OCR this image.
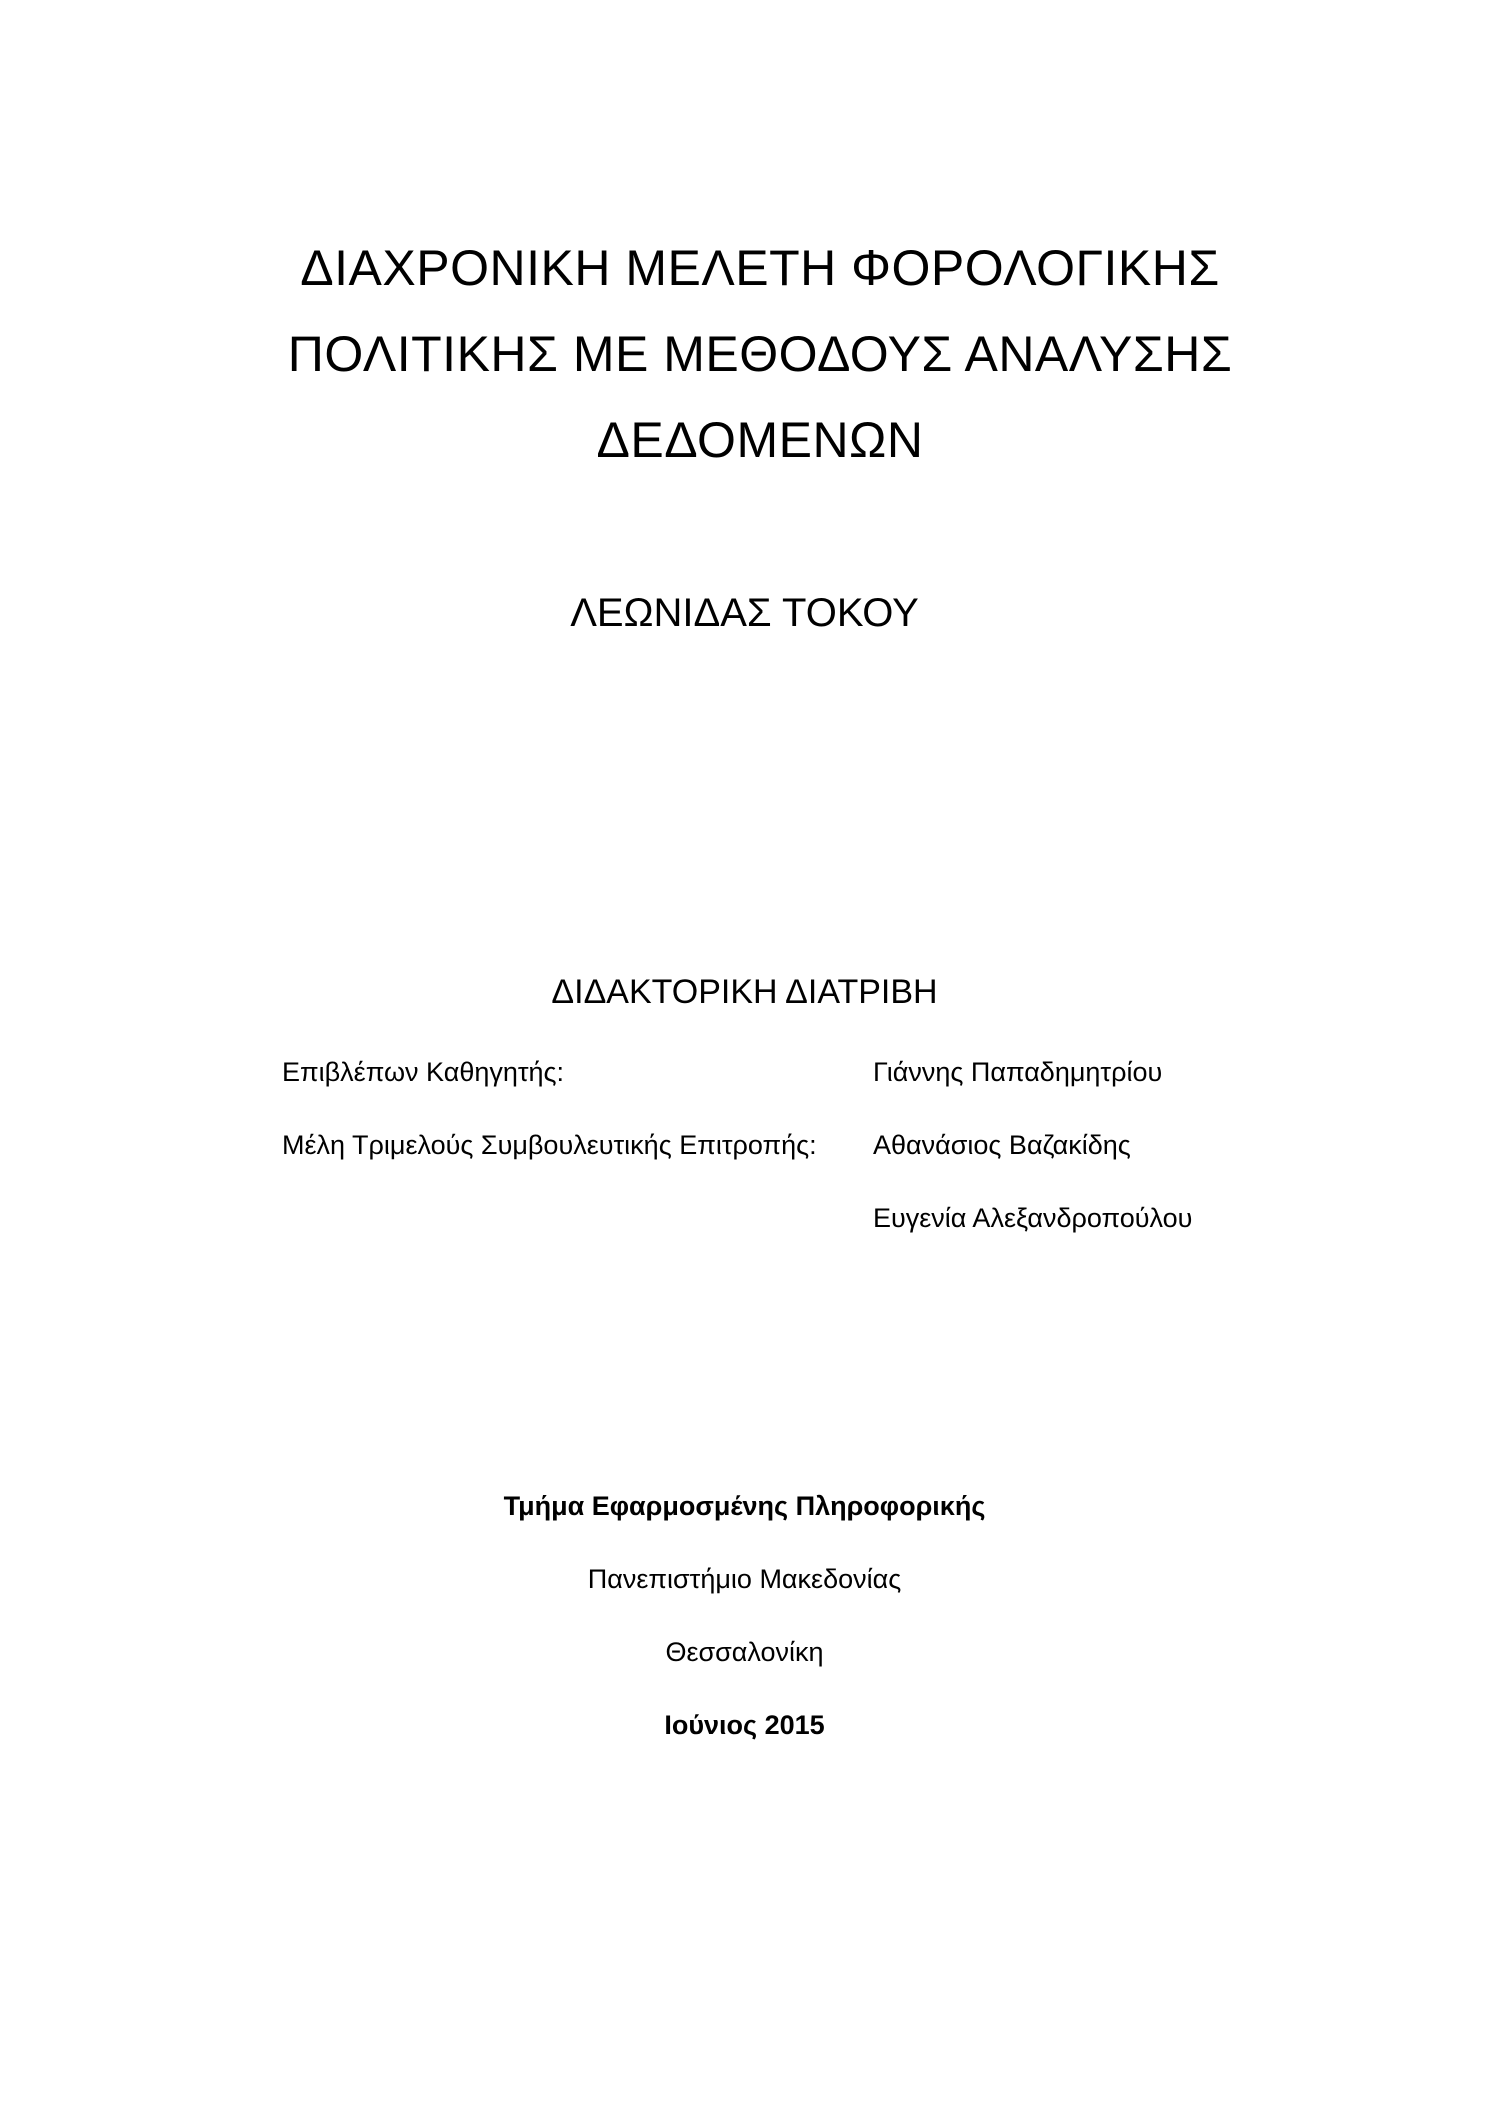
ΔΙΑΧΡΟΝΙΚΗ ΜΕΛΕΤΗ ΦΟΡΟΛΟΓΙΚΗΣ
ΠΟΛΙΤΙΚΗΣ ΜΕ ΜΕΘΟΔΟΥΣ ΑΝΑΛΥΣΗΣ
ΔΕΔΟΜΕΝΩΝ
ΛΕΩΝΙΔΑΣ ΤΟΚΟΥ
ΔΙΔΑΚΤΟΡΙΚΗ ΔΙΑΤΡΙΒΗ
Επιβλέπων Καθηγητής:	Γιάννης Παπαδημητρίου
Μέλη Τριμελούς Συμβουλευτικής Επιτροπής: Αθανάσιος Βαζακίδης
Ευγενία Αλεξανδροπούλου
Τμήμα Εφαρμοσμένης Πληροφορικής
Πανεπιστήμιο Μακεδονίας
Θεσσαλονίκη
Ιούνιος 2015
